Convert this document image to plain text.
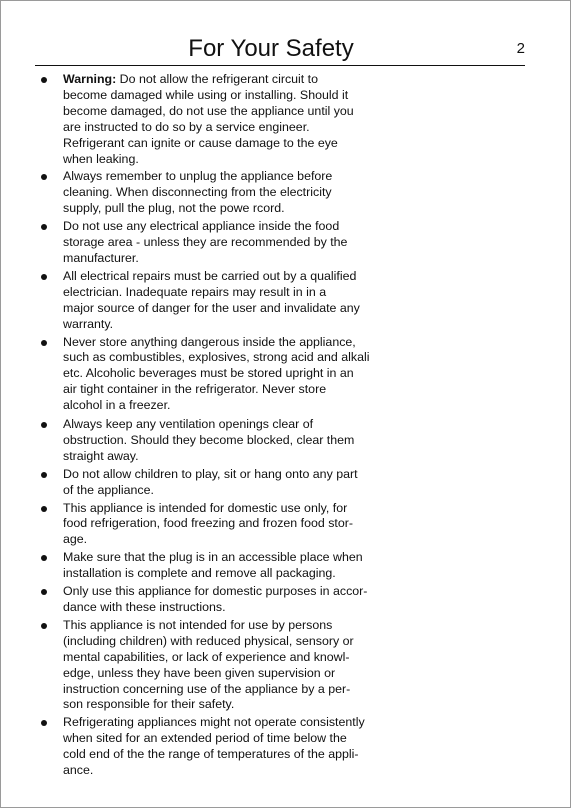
For Your Safety	2
Warning: Do not allow the refrigerant circuit to
become damaged while using or installing. Should it
become damaged, do not use the appliance until you
are instructed to do so by a service engineer.
Refrigerant can ignite or cause damage to the eye
when leaking.
Always remember to unplug the appliance before
cleaning. When disconnecting from the electricity
supply, pull the plug, not the powe rcord.
Do not use any electrical appliance inside the food
storage area - unless they are recommended by the
manufacturer.
All electrical repairs must be carried out by a qualified
electrician. Inadequate repairs may result in in a
major source of danger for the user and invalidate any
warranty.
Never store anything dangerous inside the appliance,
such as combustibles, explosives, strong acid and alkali
etc. Alcoholic beverages must be stored upright in an
air tight container in the refrigerator. Never store
alcohol in a freezer.
Always keep any ventilation openings clear of
obstruction. Should they become blocked, clear them
straight away.
Do not allow children to play, sit or hang onto any part
of the appliance.
This appliance is intended for domestic use only, for
food refrigeration, food freezing and frozen food stor-
age.
Make sure that the plug is in an accessible place when
installation is complete and remove all packaging.
Only use this appliance for domestic purposes in accor-
dance with these instructions.
This appliance is not intended for use by persons
(including children) with reduced physical, sensory or
mental capabilities, or lack of experience and knowl-
edge, unless they have been given supervision or
instruction concerning use of the appliance by a per-
son responsible for their safety.
Refrigerating appliances might not operate consistently
when sited for an extended period of time below the
cold end of the the range of temperatures of the appli-
ance.
